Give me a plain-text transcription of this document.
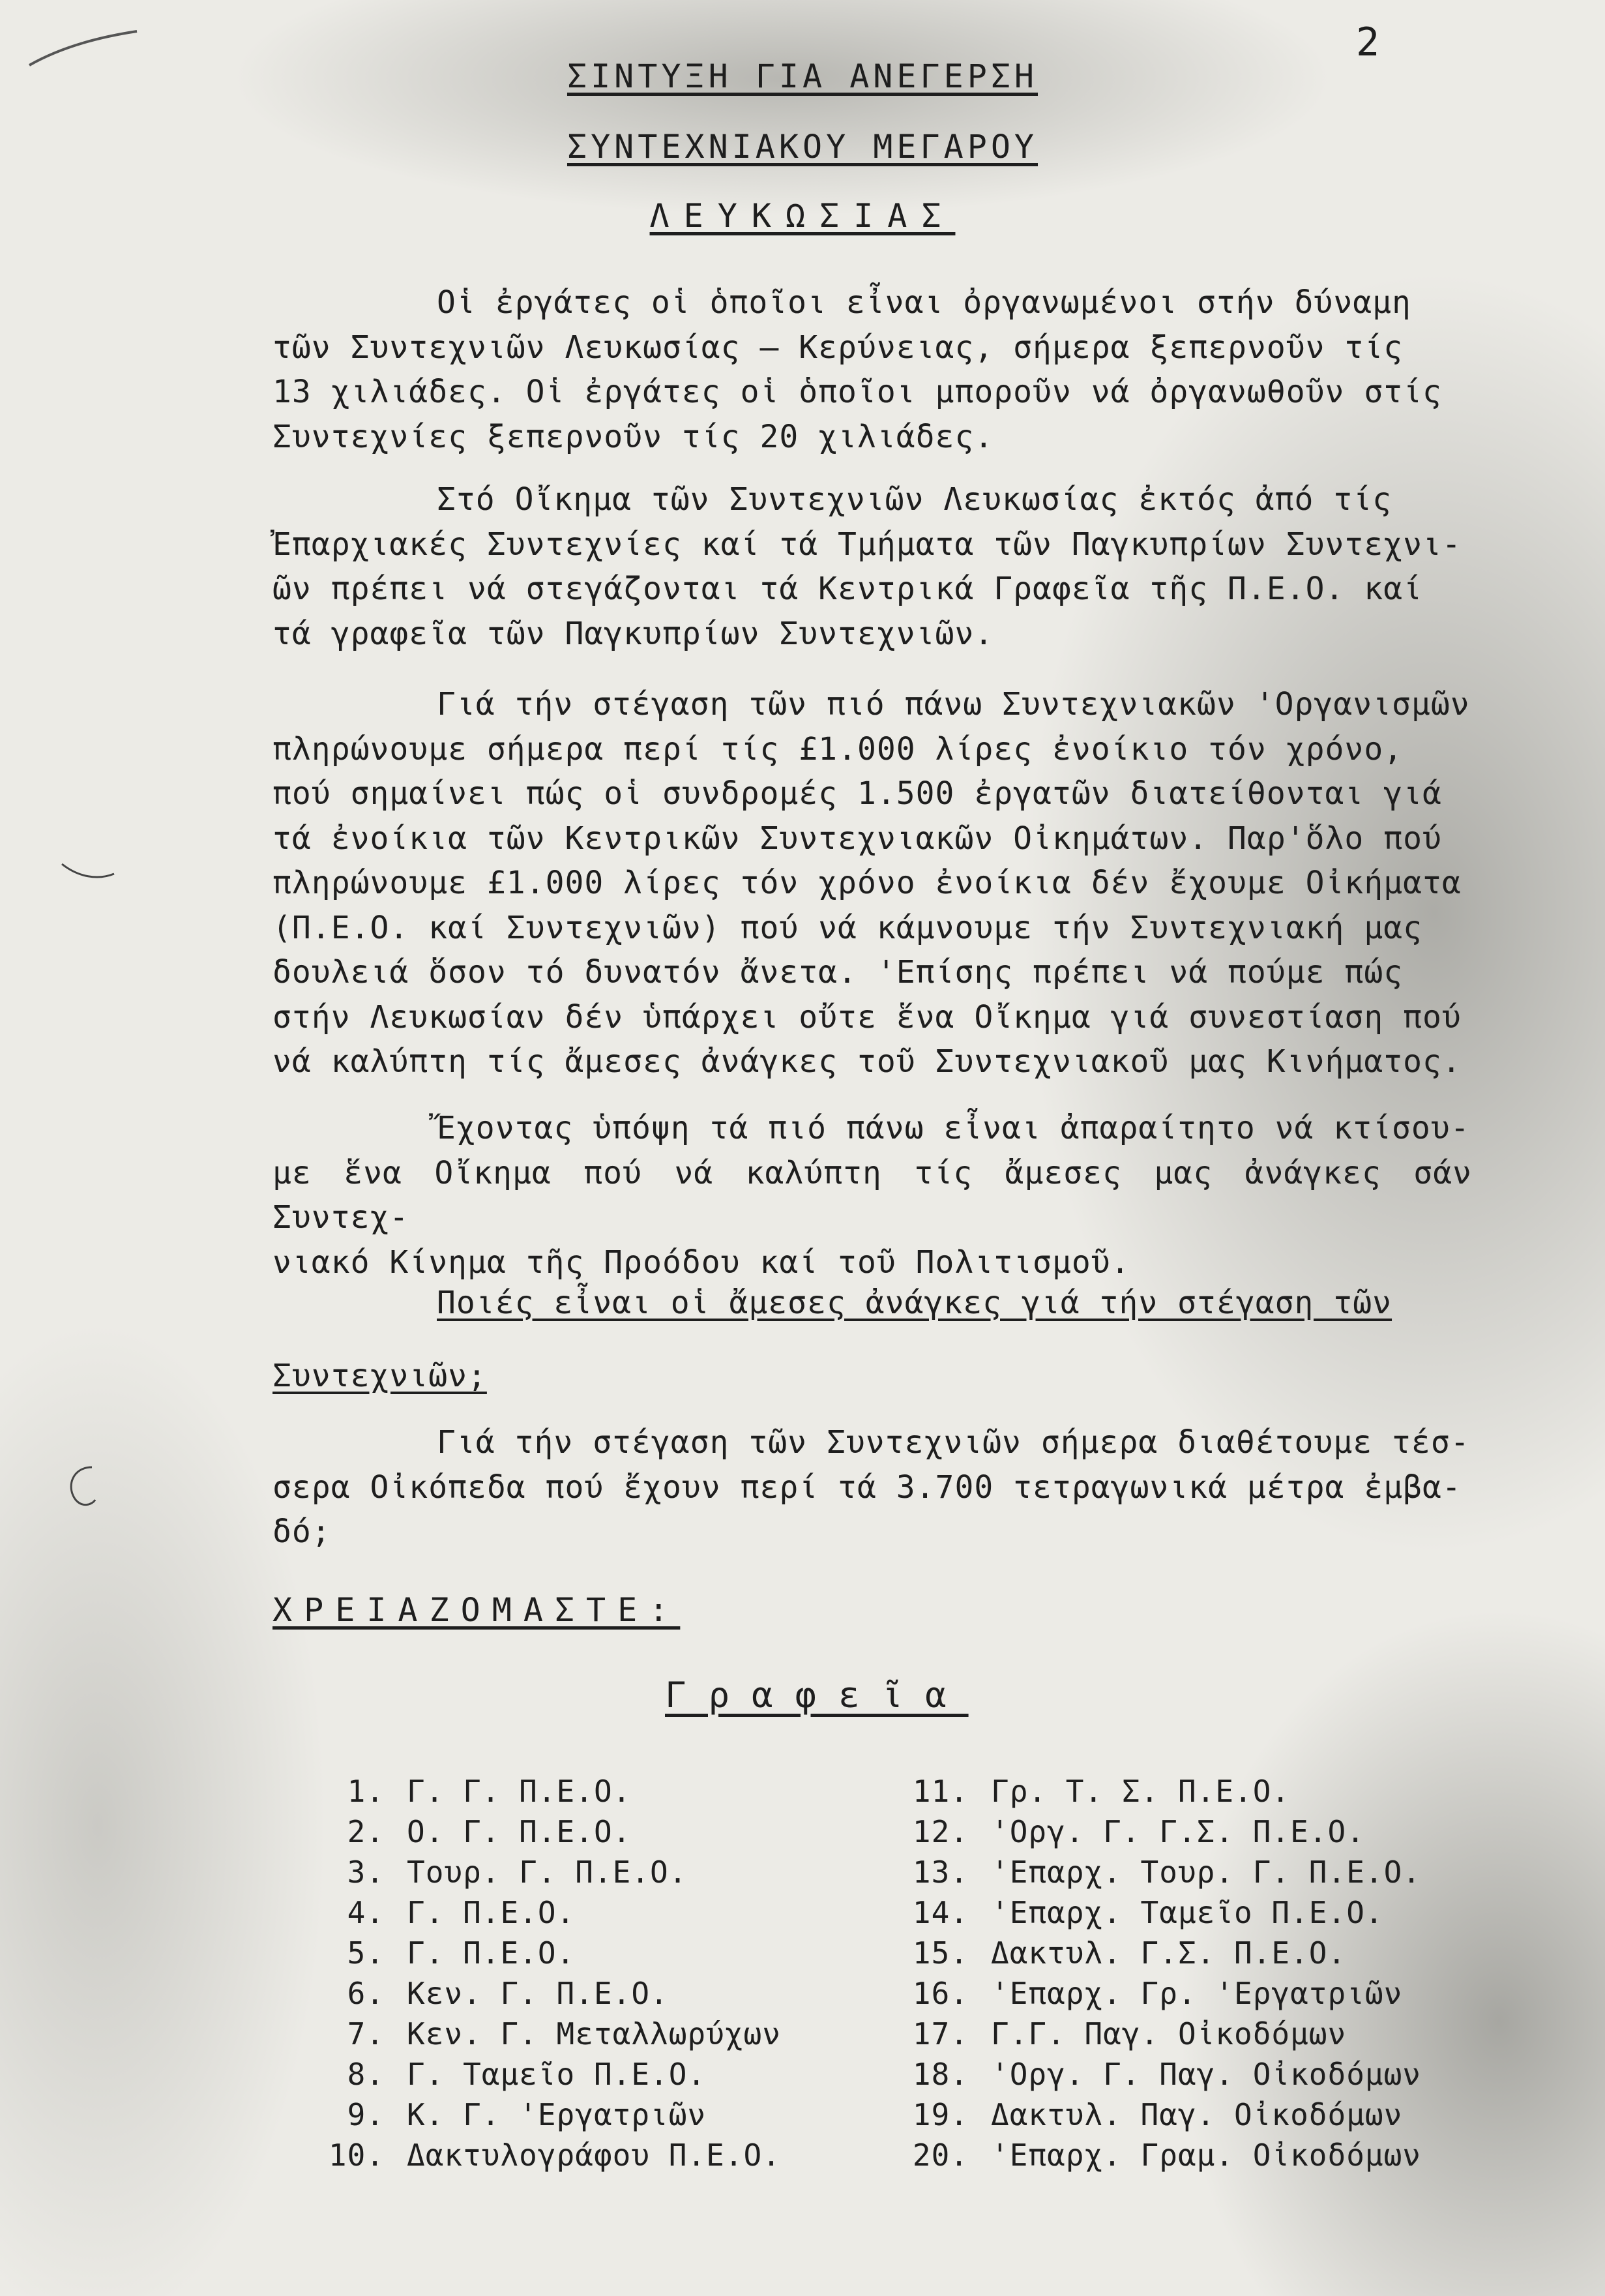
2
ΣΙΝΤΥΞΗ ΓΙΑ ΑΝΕΓΕΡΣΗ
ΣΥΝΤΕΧΝΙΑΚΟΥ ΜΕΓΑΡΟΥ
ΛΕΥΚΩΣΙΑΣ
Οἱ ἐργάτες οἱ ὁποῖοι εἶναι ὀργανωμένοι στήν δύναμη
τῶν Συντεχνιῶν Λευκωσίας – Κερύνειας, σήμερα ξεπερνοῦν τίς
13 χιλιάδες. Οἱ ἐργάτες οἱ ὁποῖοι μποροῦν νά ὀργανωθοῦν στίς
Συντεχνίες ξεπερνοῦν τίς 20 χιλιάδες.
Στό Οἴκημα τῶν Συντεχνιῶν Λευκωσίας ἐκτός ἀπό τίς
Ἐπαρχιακές Συντεχνίες καί τά Τμήματα τῶν Παγκυπρίων Συντεχνι-
ῶν πρέπει νά στεγάζονται τά Κεντρικά Γραφεῖα τῆς Π.Ε.Ο. καί
τά γραφεῖα τῶν Παγκυπρίων Συντεχνιῶν.
Γιά τήν στέγαση τῶν πιό πάνω Συντεχνιακῶν 'Οργανισμῶν
πληρώνουμε σήμερα περί τίς £1.000 λίρες ἐνοίκιο τόν χρόνο,
πού σημαίνει πώς οἱ συνδρομές 1.500 ἐργατῶν διατείθονται γιά
τά ἐνοίκια τῶν Κεντρικῶν Συντεχνιακῶν Οἰκημάτων. Παρ'ὅλο πού
πληρώνουμε £1.000 λίρες τόν χρόνο ἐνοίκια δέν ἔχουμε Οἰκήματα
(Π.Ε.Ο. καί Συντεχνιῶν) πού νά κάμνουμε τήν Συντεχνιακή μας
δουλειά ὅσον τό δυνατόν ἄνετα. 'Επίσης πρέπει νά πούμε πώς
στήν Λευκωσίαν δέν ὑπάρχει οὔτε ἕνα Οἴκημα γιά συνεστίαση πού
νά καλύπτη τίς ἄμεσες ἀνάγκες τοῦ Συντεχνιακοῦ μας Κινήματος.
Ἔχοντας ὑπόψη τά πιό πάνω εἶναι ἀπαραίτητο νά κτίσου-
με ἕνα Οἴκημα πού νά καλύπτη τίς ἄμεσες μας ἀνάγκες σάν Συντεχ-
νιακό Κίνημα τῆς Προόδου καί τοῦ Πολιτισμοῦ.
Ποιές εἶναι οἱ ἄμεσες ἀνάγκες γιά τήν στέγαση τῶν
Συντεχνιῶν;
Γιά τήν στέγαση τῶν Συντεχνιῶν σήμερα διαθέτουμε τέσ-
σερα Οἰκόπεδα πού ἔχουν περί τά 3.700 τετραγωνικά μέτρα ἐμβα-
δό;
ΧΡΕΙΑΖΟΜΑΣΤΕ:
Γραφεῖα
1. Γ. Γ. Π.Ε.Ο.
2. Ο. Γ. Π.Ε.Ο.
3. Τουρ. Γ. Π.Ε.Ο.
4. Γ. Π.Ε.Ο.
5. Γ. Π.Ε.Ο.
6. Κεν. Γ. Π.Ε.Ο.
7. Κεν. Γ. Μεταλλωρύχων
8. Γ. Ταμεῖο Π.Ε.Ο.
9. Κ. Γ. 'Εργατριῶν
10. Δακτυλογράφου Π.Ε.Ο.
11. Γρ. Τ. Σ. Π.Ε.Ο.
12. 'Οργ. Γ. Γ.Σ. Π.Ε.Ο.
13. 'Επαρχ. Τουρ. Γ. Π.Ε.Ο.
14. 'Επαρχ. Ταμεῖο Π.Ε.Ο.
15. Δακτυλ. Γ.Σ. Π.Ε.Ο.
16. 'Επαρχ. Γρ. 'Εργατριῶν
17. Γ.Γ. Παγ. Οἰκοδόμων
18. 'Οργ. Γ. Παγ. Οἰκοδόμων
19. Δακτυλ. Παγ. Οἰκοδόμων
20. 'Επαρχ. Γραμ. Οἰκοδόμων
